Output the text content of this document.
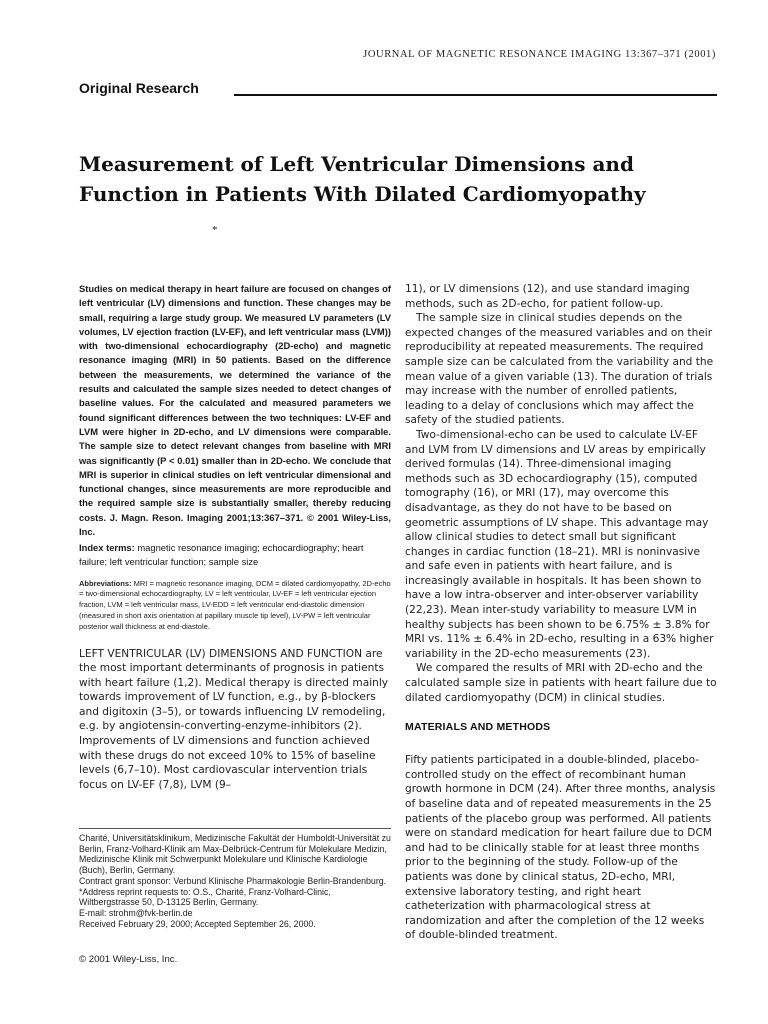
JOURNAL OF MAGNETIC RESONANCE IMAGING 13:367–371 (2001)
Original Research
Measurement of Left Ventricular Dimensions and Function in Patients With Dilated Cardiomyopathy
*

Studies on medical therapy in heart failure are focused on changes of left ventricular (LV) dimensions and function. These changes may be small, requiring a large study group. We measured LV parameters (LV volumes, LV ejection fraction (LV-EF), and left ventricular mass (LVM)) with two-dimensional echocardiography (2D-echo) and magnetic resonance imaging (MRI) in 50 patients. Based on the difference between the measurements, we determined the variance of the results and calculated the sample sizes needed to detect changes of baseline values. For the calculated and measured parameters we found significant differences between the two techniques: LV-EF and LVM were higher in 2D-echo, and LV dimensions were comparable. The sample size to detect relevant changes from baseline with MRI was significantly (P < 0.01) smaller than in 2D-echo. We conclude that MRI is superior in clinical studies on left ventricular dimensional and functional changes, since measurements are more reproducible and the required sample size is substantially smaller, thereby reducing costs. J. Magn. Reson. Imaging 2001;13:367–371. © 2001 Wiley-Liss, Inc.

Index terms: magnetic resonance imaging; echocardiography; heart failure; left ventricular function; sample size

Abbreviations: MRI = magnetic resonance imaging, DCM = dilated cardiomyopathy, 2D-echo = two-dimensional echocardiography, LV = left ventricular, LV-EF = left ventricular ejection fraction, LVM = left ventricular mass, LV-EDD = left ventricular end-diastolic dimension (measured in short axis orientation at papillary muscle tip level), LV-PW = left ventricular posterior wall thickness at end-diastole.

LEFT VENTRICULAR (LV) DIMENSIONS AND FUNCTION are the most important determinants of prognosis in patients with heart failure (1,2). Medical therapy is directed mainly towards improvement of LV function, e.g., by β-blockers and digitoxin (3–5), or towards influencing LV remodeling, e.g. by angiotensin-converting-enzyme-inhibitors (2). Improvements of LV dimensions and function achieved with these drugs do not exceed 10% to 15% of baseline levels (6,7–10). Most cardiovascular intervention trials focus on LV-EF (7,8), LVM (9–

11), or LV dimensions (12), and use standard imaging methods, such as 2D-echo, for patient follow-up.

The sample size in clinical studies depends on the expected changes of the measured variables and on their reproducibility at repeated measurements. The required sample size can be calculated from the variability and the mean value of a given variable (13). The duration of trials may increase with the number of enrolled patients, leading to a delay of conclusions which may affect the safety of the studied patients.

Two-dimensional-echo can be used to calculate LV-EF and LVM from LV dimensions and LV areas by empirically derived formulas (14). Three-dimensional imaging methods such as 3D echocardiography (15), computed tomography (16), or MRI (17), may overcome this disadvantage, as they do not have to be based on geometric assumptions of LV shape. This advantage may allow clinical studies to detect small but significant changes in cardiac function (18–21). MRI is noninvasive and safe even in patients with heart failure, and is increasingly available in hospitals. It has been shown to have a low intra-observer and inter-observer variability (22,23). Mean inter-study variability to measure LVM in healthy subjects has been shown to be 6.75% ± 3.8% for MRI vs. 11% ± 6.4% in 2D-echo, resulting in a 63% higher variability in the 2D-echo measurements (23).

We compared the results of MRI with 2D-echo and the calculated sample size in patients with heart failure due to dilated cardiomyopathy (DCM) in clinical studies.

MATERIALS AND METHODS

Fifty patients participated in a double-blinded, placebo-controlled study on the effect of recombinant human growth hormone in DCM (24). After three months, analysis of baseline data and of repeated measurements in the 25 patients of the placebo group was performed. All patients were on standard medication for heart failure due to DCM and had to be clinically stable for at least three months prior to the beginning of the study. Follow-up of the patients was done by clinical status, 2D-echo, MRI, extensive laboratory testing, and right heart catheterization with pharmacological stress at randomization and after the completion of the 12 weeks of double-blinded treatment.

Charité, Universitätsklinikum, Medizinische Fakultät der Humboldt-Universität zu Berlin, Franz-Volhard-Klinik am Max-Delbrück-Centrum für Molekulare Medizin, Medizinische Klinik mit Schwerpunkt Molekulare und Klinische Kardiologie (Buch), Berlin, Germany.

Contract grant sponsor: Verbund Klinische Pharmakologie Berlin-Brandenburg.

*Address reprint requests to: O.S., Charité, Franz-Volhard-Clinic, Wiltbergstrasse 50, D-13125 Berlin, Germany.

E-mail: strohm@fvk-berlin.de

Received February 29, 2000; Accepted September 26, 2000.

© 2001 Wiley-Liss, Inc.
